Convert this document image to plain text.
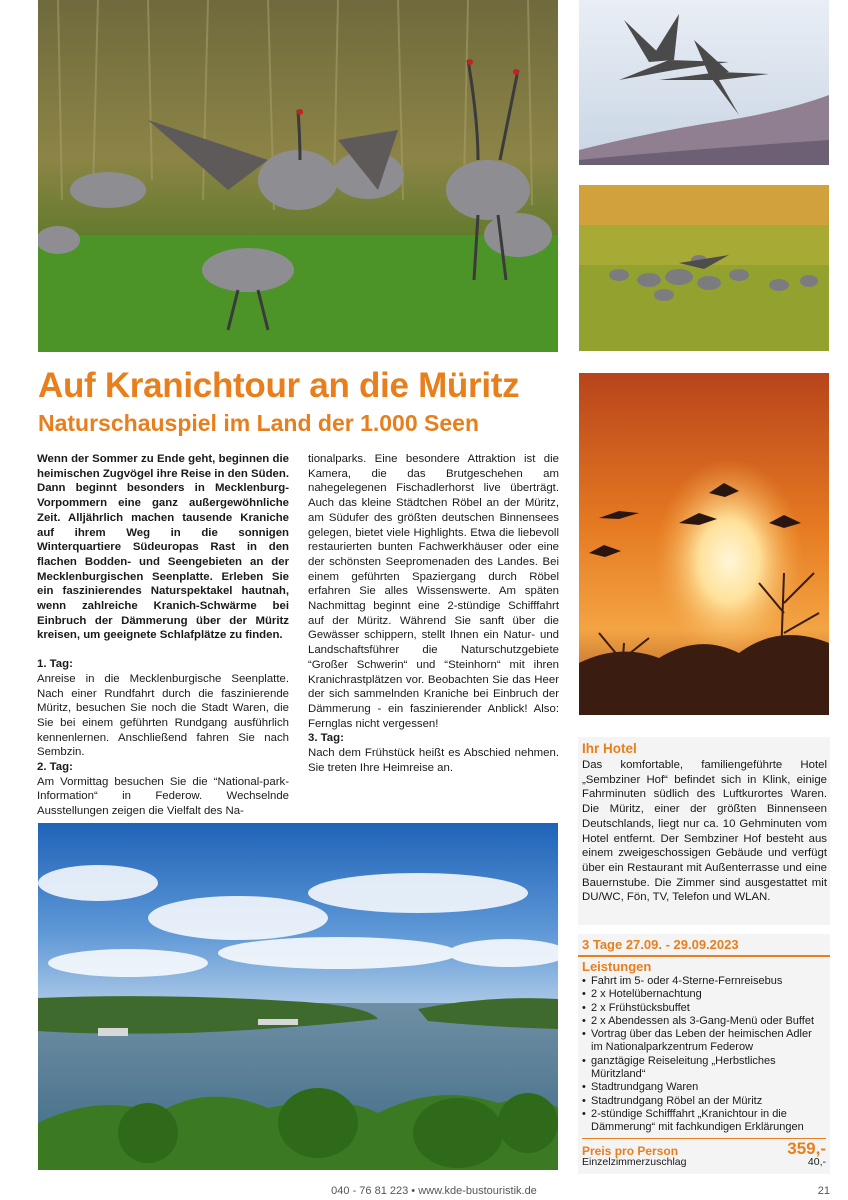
Auf Kranichtour an die Müritz
Naturschauspiel im Land der 1.000 Seen

Wenn der Sommer zu Ende geht, beginnen die heimischen Zugvögel ihre Reise in den Süden. Dann beginnt besonders in Mecklenburg-Vorpommern eine ganz außergewöhnliche Zeit. Alljährlich machen tausende Kraniche auf ihrem Weg in die sonnigen Winterquartiere Südeuropas Rast in den flachen Bodden- und Seengebieten an der Mecklenburgischen Seenplatte. Erleben Sie ein faszinierendes Naturspektakel hautnah, wenn zahlreiche Kranich-Schwärme bei Einbruch der Dämmerung über der Müritz kreisen, um geeignete Schlafplätze zu finden.

1. Tag:

Anreise in die Mecklenburgische Seenplatte. Nach einer Rundfahrt durch die faszinierende Müritz, besuchen Sie noch die Stadt Waren, die Sie bei einem geführten Rundgang ausführlich kennenlernen. Anschließend fahren Sie nach Sembzin.

2. Tag:

Am Vormittag besuchen Sie die “National-park-Information“ in Federow. Wechselnde Ausstellungen zeigen die Vielfalt des Na-

tionalparks. Eine besondere Attraktion ist die Kamera, die das Brutgeschehen am nahegelegenen Fischadlerhorst live überträgt. Auch das kleine Städtchen Röbel an der Müritz, am Südufer des größten deutschen Binnensees gelegen, bietet viele Highlights. Etwa die liebevoll restaurierten bunten Fachwerkhäuser oder eine der schönsten Seepromenaden des Landes. Bei einem geführten Spaziergang durch Röbel erfahren Sie alles Wissenswerte. Am späten Nachmittag beginnt eine 2-stündige Schifffahrt auf der Müritz. Während Sie sanft über die Gewässer schippern, stellt Ihnen ein Natur- und Landschaftsführer die Naturschutzgebiete “Großer Schwerin“ und “Steinhorn“ mit ihren Kranichrastplätzen vor. Beobachten Sie das Heer der sich sammelnden Kraniche bei Einbruch der Dämmerung - ein faszinierender Anblick! Also: Fernglas nicht vergessen!

3. Tag:

Nach dem Frühstück heißt es Abschied nehmen. Sie treten Ihre Heimreise an.

Ihr Hotel

Das komfortable, familiengeführte Hotel „Sembziner Hof“ befindet sich in Klink, einige Fahrminuten südlich des Luftkurortes Waren. Die Müritz, einer der größten Binnenseen Deutschlands, liegt nur ca. 10 Gehminuten vom Hotel entfernt. Der Sembziner Hof besteht aus einem zweigeschossigen Gebäude und verfügt über ein Restaurant mit Außenterrasse und eine Bauernstube. Die Zimmer sind ausgestattet mit DU/WC, Fön, TV, Telefon und WLAN.

3 Tage 27.09. - 29.09.2023
Leistungen
• Fahrt im 5- oder 4-Sterne-Fernreisebus
• 2 x Hotelübernachtung
• 2 x Frühstücksbuffet
• 2 x Abendessen als 3-Gang-Menü oder Buffet
• Vortrag über das Leben der heimischen Adler im Nationalparkzentrum Federow
• ganztägige Reiseleitung „Herbstliches Müritzland“
• Stadtrundgang Waren
• Stadtrundgang Röbel an der Müritz
• 2-stündige Schifffahrt „Kranichtour in die Dämmerung“ mit fachkundigen Erklärungen
Preis pro Person	359,-
Einzelzimmerzuschlag	40,-
040 - 76 81 223 • www.kde-bustouristik.de	21
